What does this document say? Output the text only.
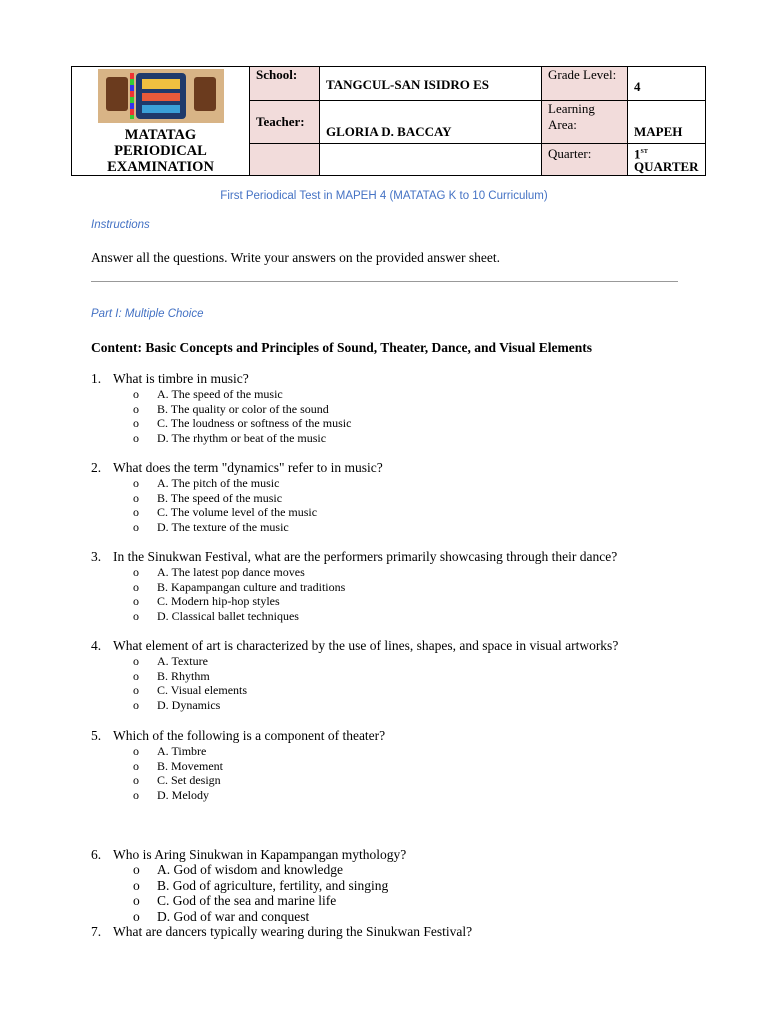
MATATAG
PERIODICAL
EXAMINATION	School:	TANGCUL-SAN ISIDRO ES	Grade Level:	4
	Teacher:	GLORIA D. BACCAY	Learning
Area:	MAPEH
			Quarter:	1ST
QUARTER
First Periodical Test in MAPEH 4 (MATATAG K to 10 Curriculum)
Instructions
Answer all the questions. Write your answers on the provided answer sheet.
Part I: Multiple Choice
Content: Basic Concepts and Principles of Sound, Theater, Dance, and Visual Elements
1. What is timbre in music?
o A. The speed of the music
o B. The quality or color of the sound
o C. The loudness or softness of the music
o D. The rhythm or beat of the music
2. What does the term "dynamics" refer to in music?
o A. The pitch of the music
o B. The speed of the music
o C. The volume level of the music
o D. The texture of the music
3. In the Sinukwan Festival, what are the performers primarily showcasing through their dance?
o A. The latest pop dance moves
o B. Kapampangan culture and traditions
o C. Modern hip-hop styles
o D. Classical ballet techniques
4. What element of art is characterized by the use of lines, shapes, and space in visual artworks?
o A. Texture
o B. Rhythm
o C. Visual elements
o D. Dynamics
5. Which of the following is a component of theater?
o A. Timbre
o B. Movement
o C. Set design
o D. Melody
6. Who is Aring Sinukwan in Kapampangan mythology?
o A. God of wisdom and knowledge
o B. God of agriculture, fertility, and singing
o C. God of the sea and marine life
o D. God of war and conquest
7. What are dancers typically wearing during the Sinukwan Festival?
